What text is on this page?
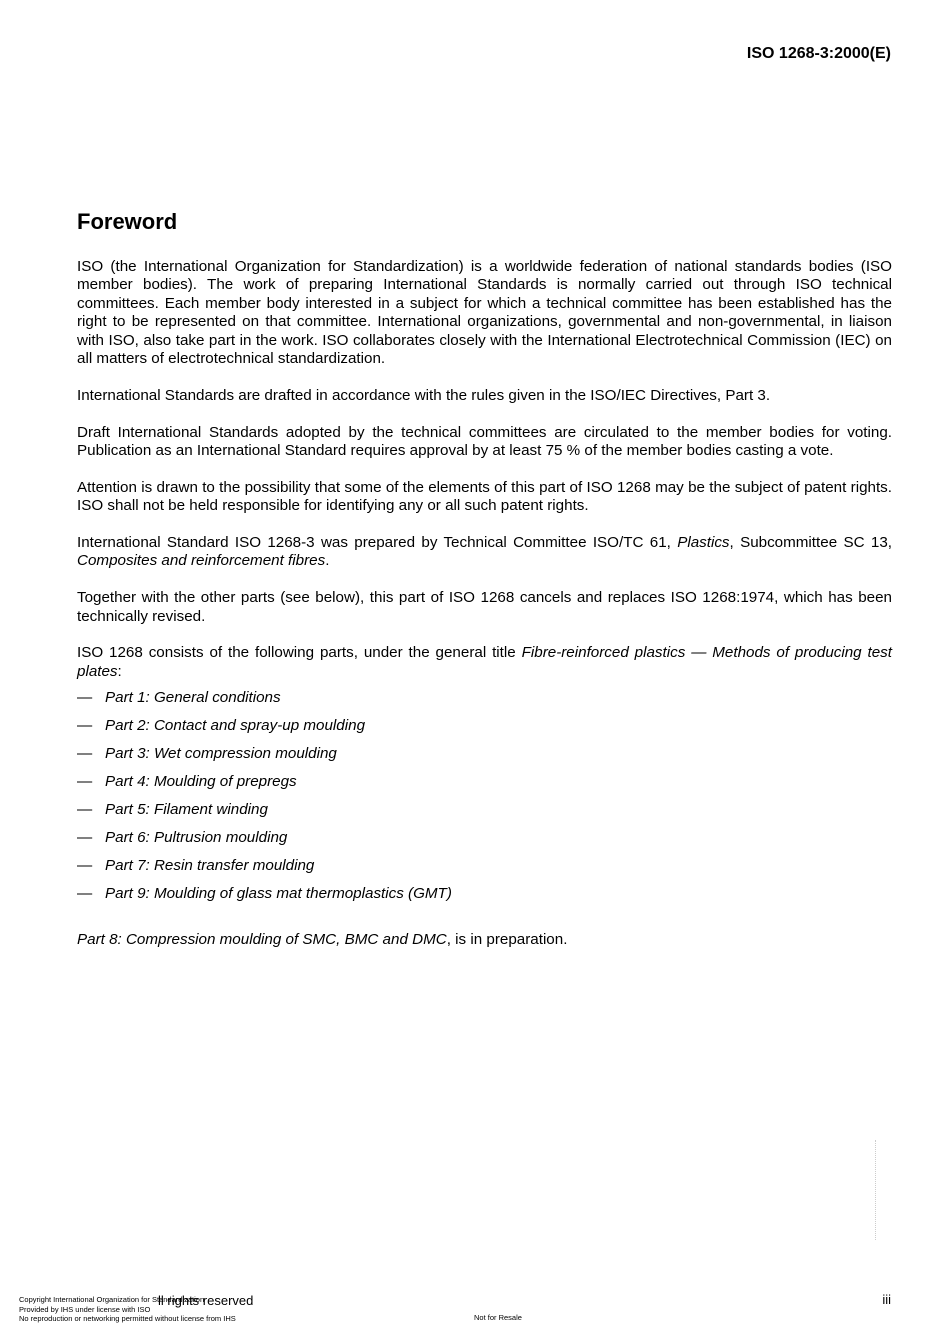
ISO 1268-3:2000(E)
Foreword

ISO (the International Organization for Standardization) is a worldwide federation of national standards bodies (ISO member bodies). The work of preparing International Standards is normally carried out through ISO technical committees. Each member body interested in a subject for which a technical committee has been established has the right to be represented on that committee. International organizations, governmental and non-governmental, in liaison with ISO, also take part in the work. ISO collaborates closely with the International Electrotechnical Commission (IEC) on all matters of electrotechnical standardization.

International Standards are drafted in accordance with the rules given in the ISO/IEC Directives, Part 3.

Draft International Standards adopted by the technical committees are circulated to the member bodies for voting. Publication as an International Standard requires approval by at least 75 % of the member bodies casting a vote.

Attention is drawn to the possibility that some of the elements of this part of ISO 1268 may be the subject of patent rights. ISO shall not be held responsible for identifying any or all such patent rights.

International Standard ISO 1268-3 was prepared by Technical Committee ISO/TC 61, Plastics, Subcommittee SC 13, Composites and reinforcement fibres.

Together with the other parts (see below), this part of ISO 1268 cancels and replaces ISO 1268:1974, which has been technically revised.

ISO 1268 consists of the following parts, under the general title Fibre-reinforced plastics — Methods of producing test plates:

— Part 1: General conditions
— Part 2: Contact and spray-up moulding
— Part 3: Wet compression moulding
— Part 4: Moulding of prepregs
— Part 5: Filament winding
— Part 6: Pultrusion moulding
— Part 7: Resin transfer moulding
— Part 9: Moulding of glass mat thermoplastics (GMT)

Part 8: Compression moulding of SMC, BMC and DMC, is in preparation.

Copyright International Organization for Standardization
Provided by IHS under license with ISO
No reproduction or networking permitted without license from IHS
ll rights reserved
Not for Resale
iii
